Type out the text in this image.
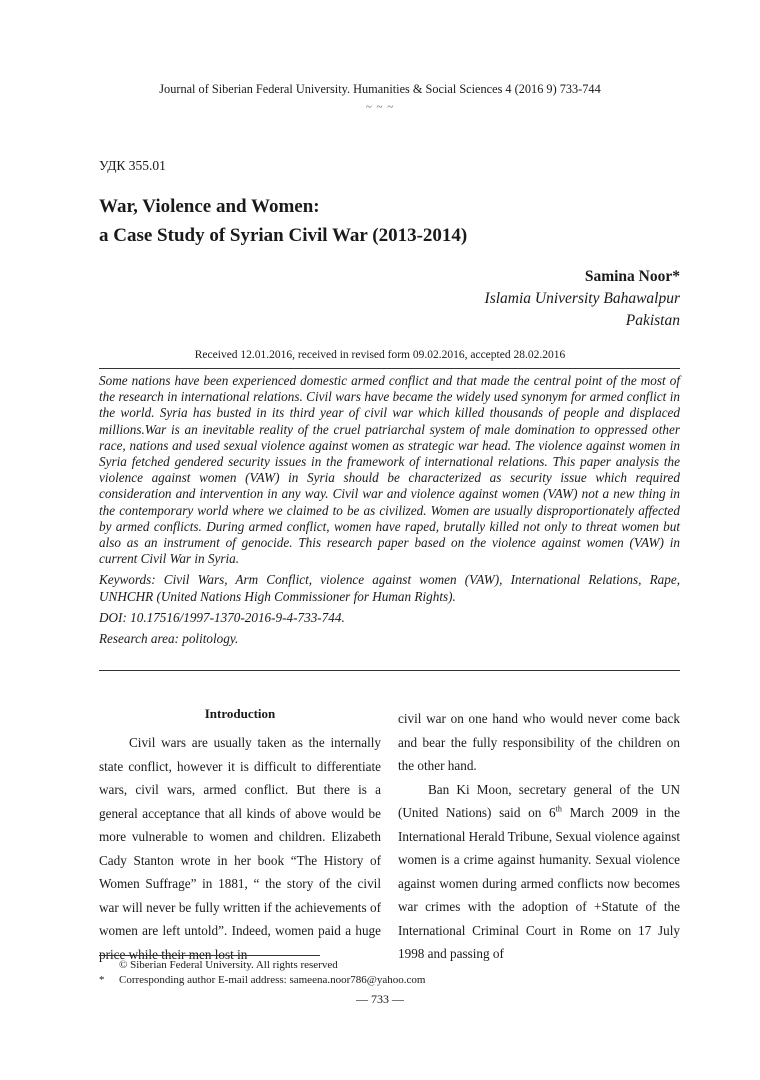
Journal of Siberian Federal University. Humanities & Social Sciences 4 (2016 9) 733-744
~ ~ ~
УДК 355.01
War, Violence and Women:
a Case Study of Syrian Civil War (2013-2014)
Samina Noor*
Islamia University Bahawalpur
Pakistan
Received 12.01.2016, received in revised form 09.02.2016, accepted 28.02.2016

Some nations have been experienced domestic armed conflict and that made the central point of the most of the research in international relations. Civil wars have became the widely used synonym for armed conflict in the world. Syria has busted in its third year of civil war which killed thousands of people and displaced millions.War is an inevitable reality of the cruel patriarchal system of male domination to oppressed other race, nations and used sexual violence against women as strategic war head. The violence against women in Syria fetched gendered security issues in the framework of international relations. This paper analysis the violence against women (VAW) in Syria should be characterized as security issue which required consideration and intervention in any way. Civil war and violence against women (VAW) not a new thing in the contemporary world where we claimed to be as civilized. Women are usually disproportionately affected by armed conflicts. During armed conflict, women have raped, brutally killed not only to threat women but also as an instrument of genocide. This research paper based on the violence against women (VAW) in current Civil War in Syria.

Keywords: Civil Wars, Arm Conflict, violence against women (VAW), International Relations, Rape, UNHCHR (United Nations High Commissioner for Human Rights).

DOI: 10.17516/1997-1370-2016-9-4-733-744.

Research area: politology.

Introduction

Civil wars are usually taken as the internally state conflict, however it is difficult to differentiate wars, civil wars, armed conflict. But there is a general acceptance that all kinds of above would be more vulnerable to women and children. Elizabeth Cady Stanton wrote in her book “The History of Women Suffrage” in 1881, “ the story of the civil war will never be fully written if the achievements of women are left untold”. Indeed, women paid a huge price while their men lost in

civil war on one hand who would never come back and bear the fully responsibility of the children on the other hand.

Ban Ki Moon, secretary general of the UN (United Nations) said on 6th March 2009 in the International Herald Tribune, Sexual violence against women is a crime against humanity. Sexual violence against women during armed conflicts now becomes war crimes with the adoption of +Statute of the International Criminal Court in Rome on 17 July 1998 and passing of

© Siberian Federal University. All rights reserved
* Corresponding author E-mail address: sameena.noor786@yahoo.com
— 733 —
